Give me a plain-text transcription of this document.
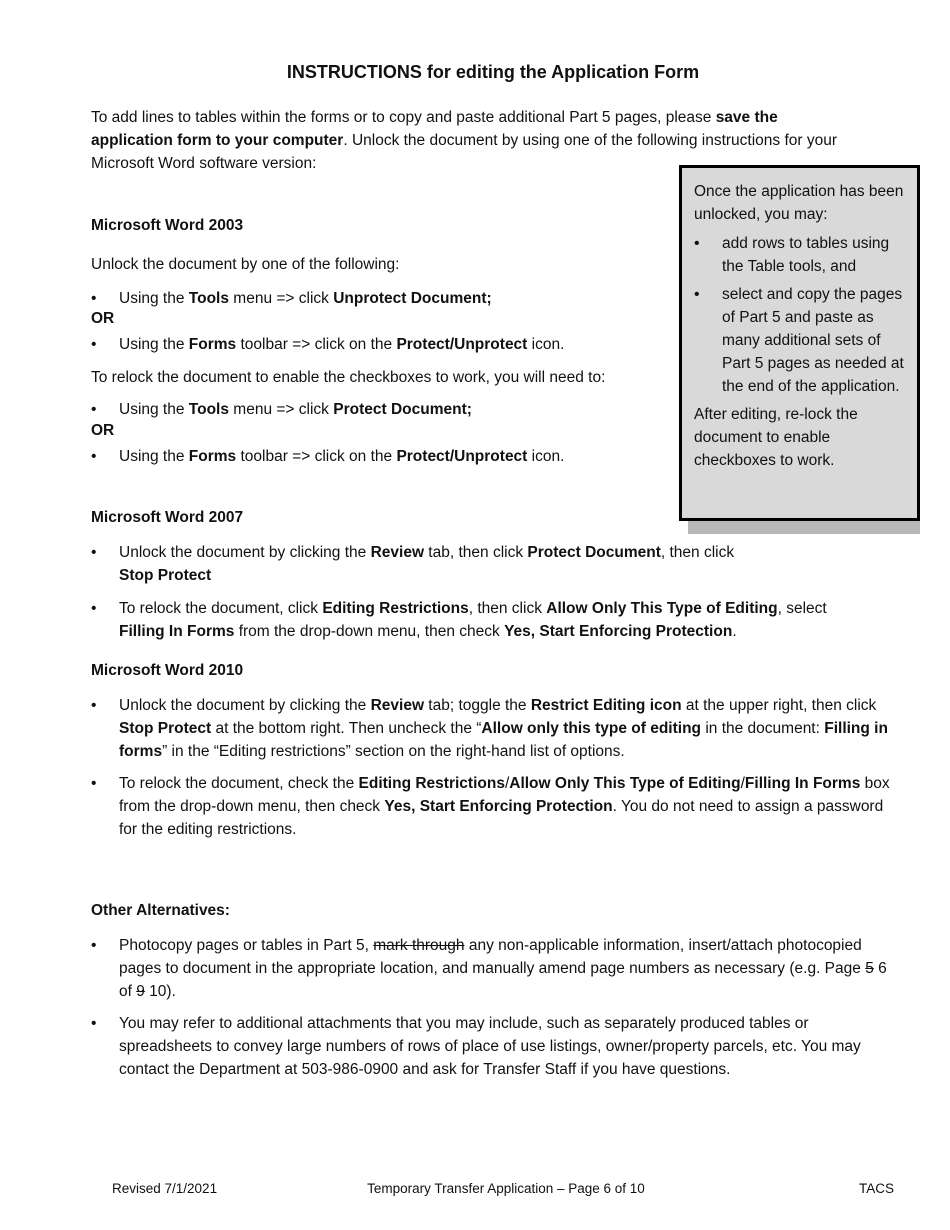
INSTRUCTIONS for editing the Application Form
To add lines to tables within the forms or to copy and paste additional Part 5 pages, please save the application form to your computer. Unlock the document by using one of the following instructions for your Microsoft Word software version:

Once the application has been unlocked, you may:

• add rows to tables using the Table tools, and
• select and copy the pages of Part 5 and paste as many additional sets of Part 5 pages as needed at the end of the application.

After editing, re-lock the document to enable checkboxes to work.

Microsoft Word 2003
Unlock the document by one of the following:
• Using the Tools menu => click Unprotect Document;
OR
• Using the Forms toolbar => click on the Protect/Unprotect icon.
To relock the document to enable the checkboxes to work, you will need to:
• Using the Tools menu => click Protect Document;
OR
• Using the Forms toolbar => click on the Protect/Unprotect icon.
Microsoft Word 2007
• Unlock the document by clicking the Review tab, then click Protect Document, then click
Stop Protect
• To relock the document, click Editing Restrictions, then click Allow Only This Type of Editing, select
Filling In Forms from the drop-down menu, then check Yes, Start Enforcing Protection.
Microsoft Word 2010
• Unlock the document by clicking the Review tab; toggle the Restrict Editing icon at the upper right, then click Stop Protect at the bottom right. Then uncheck the “Allow only this type of editing in the document: Filling in forms” in the “Editing restrictions” section on the right-hand list of options.
• To relock the document, check the Editing Restrictions/Allow Only This Type of Editing/Filling In Forms box from the drop-down menu, then check Yes, Start Enforcing Protection. You do not need to assign a password for the editing restrictions.
Other Alternatives:
• Photocopy pages or tables in Part 5, mark through any non-applicable information, insert/attach photocopied pages to document in the appropriate location, and manually amend page numbers as necessary (e.g. Page 5 6 of 9 10).
• You may refer to additional attachments that you may include, such as separately produced tables or spreadsheets to convey large numbers of rows of place of use listings, owner/property parcels, etc. You may contact the Department at 503-986-0900 and ask for Transfer Staff if you have questions.
Revised 7/1/2021	Temporary Transfer Application – Page 6 of 10	TACS
